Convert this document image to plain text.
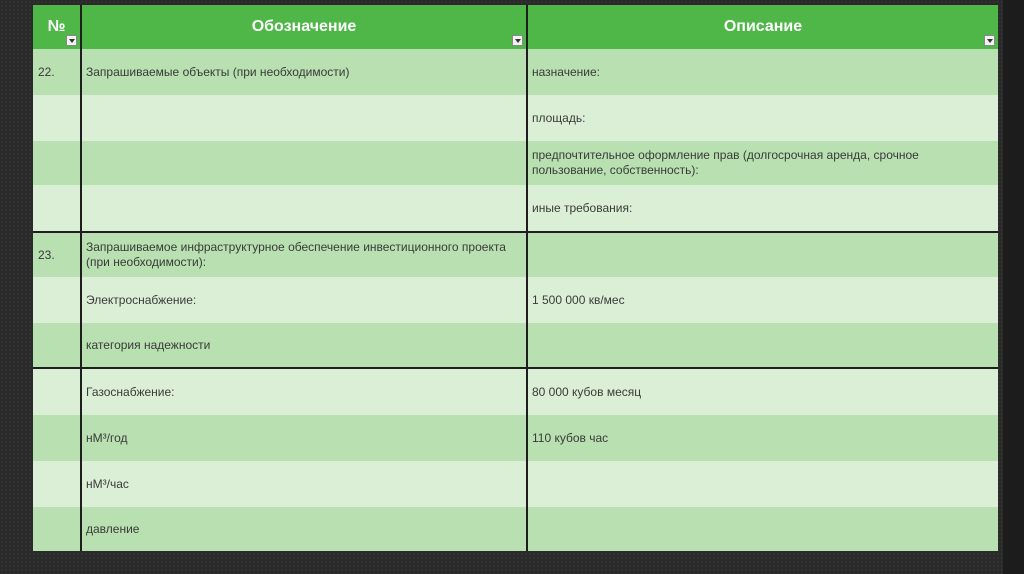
№	Обозначение	Описание

22.	Запрашиваемые объекты (при необходимости)	назначение:
		площадь:
		предпочтительное оформление прав (долгосрочная аренда, срочное пользование, собственность):
		иные требования:
23.	Запрашиваемое инфраструктурное обеспечение инвестиционного проекта (при необходимости):	
	Электроснабжение:	1 500 000 кв/мес
	категория надежности	
	Газоснабжение:	80 000 кубов месяц
	нМ³/год	110 кубов час
	нМ³/час	
	давление	
